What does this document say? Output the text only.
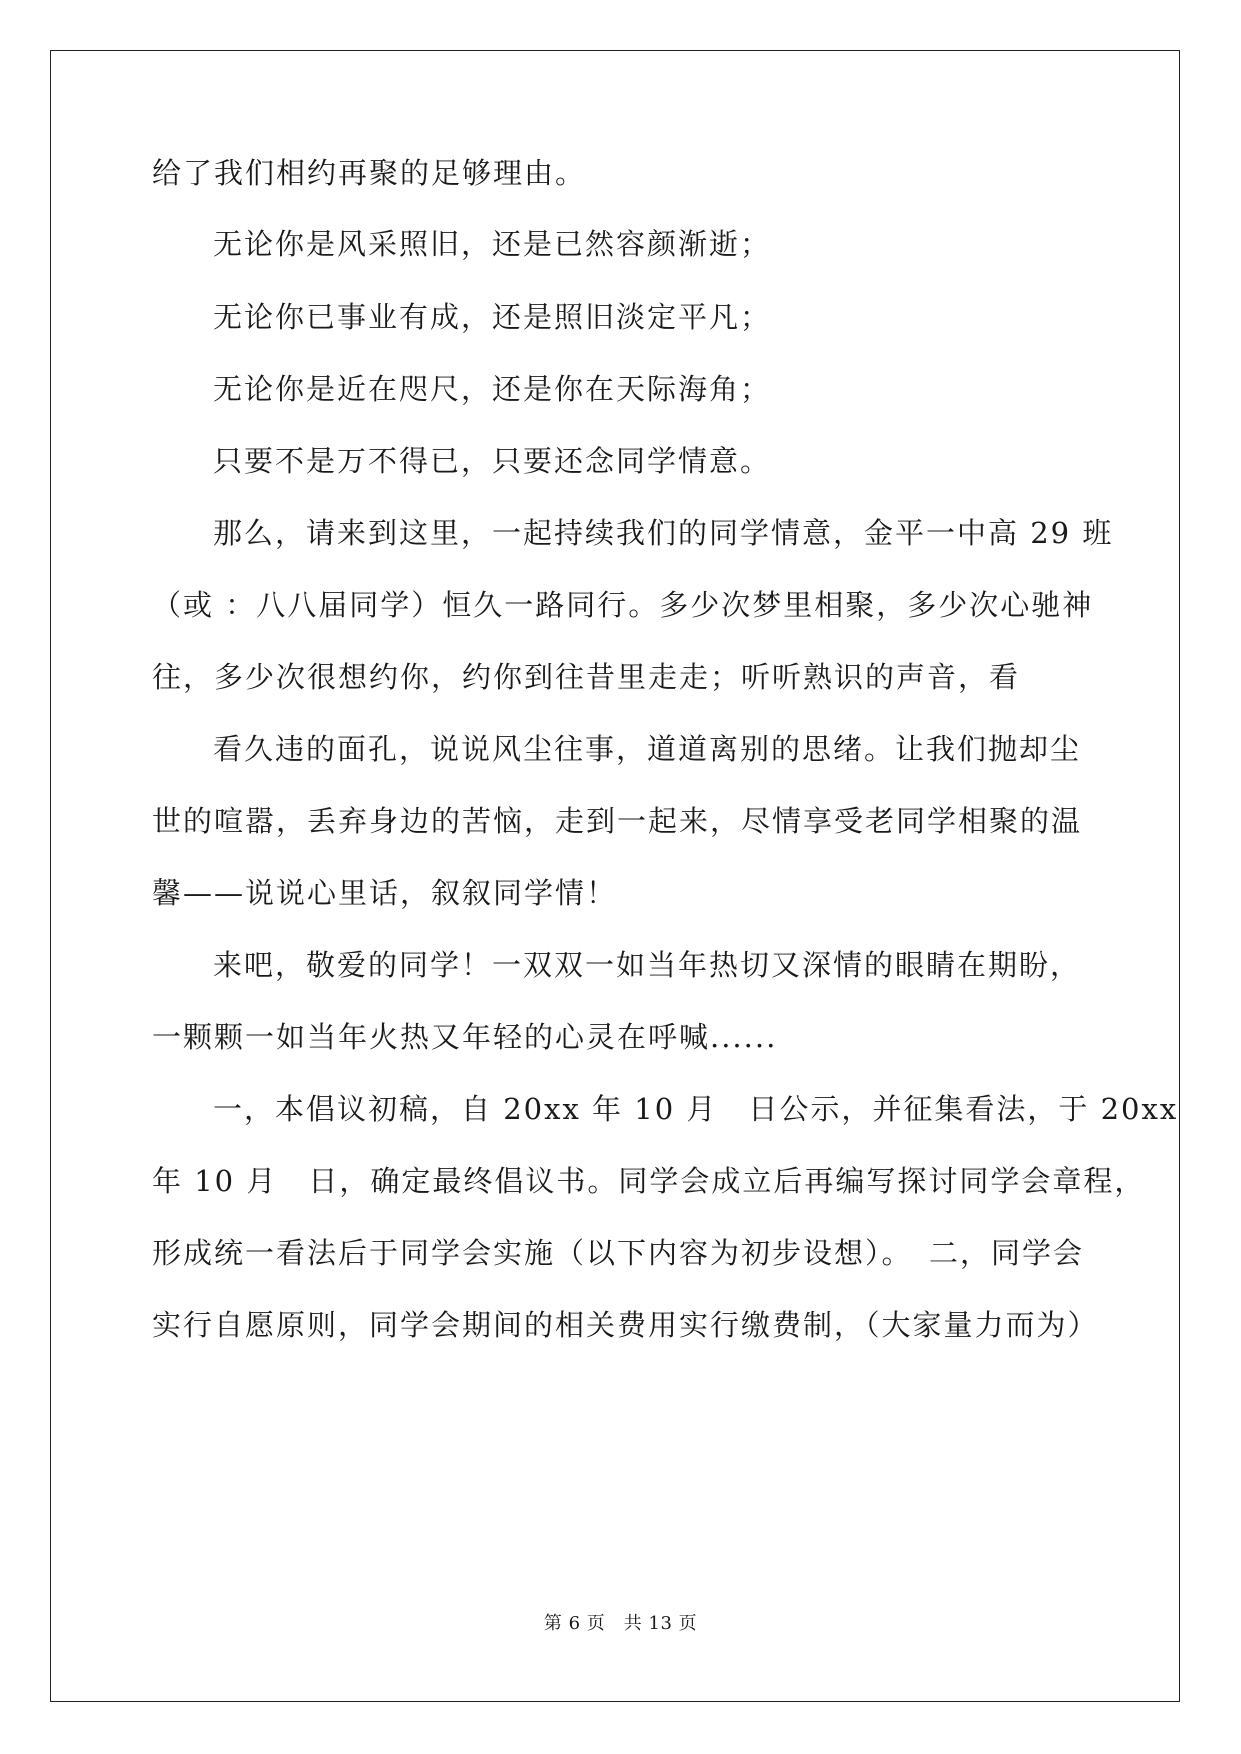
给了我们相约再聚的足够理由。
无论你是风采照旧，还是已然容颜渐逝；
无论你已事业有成，还是照旧淡定平凡；
无论你是近在咫尺，还是你在天际海角；
只要不是万不得已，只要还念同学情意。
那么，请来到这里，一起持续我们的同学情意，金平一中高 29 班
（或 ：八八届同学）恒久一路同行。多少次梦里相聚，多少次心驰神
往，多少次很想约你，约你到往昔里走走；听听熟识的声音，看
看久违的面孔，说说风尘往事，道道离别的思绪。让我们抛却尘
世的喧嚣，丢弃身边的苦恼，走到一起来，尽情享受老同学相聚的温
馨——说说心里话，叙叙同学情！
来吧，敬爱的同学！一双双一如当年热切又深情的眼睛在期盼，
一颗颗一如当年火热又年轻的心灵在呼喊......
一，本倡议初稿，自 20xx 年 10 月　日公示，并征集看法，于 20xx
年 10 月　日，确定最终倡议书。同学会成立后再编写探讨同学会章程，
形成统一看法后于同学会实施（以下内容为初步设想）。　二，同学会
实行自愿原则，同学会期间的相关费用实行缴费制，（大家量力而为）
第 6 页　共 13 页
